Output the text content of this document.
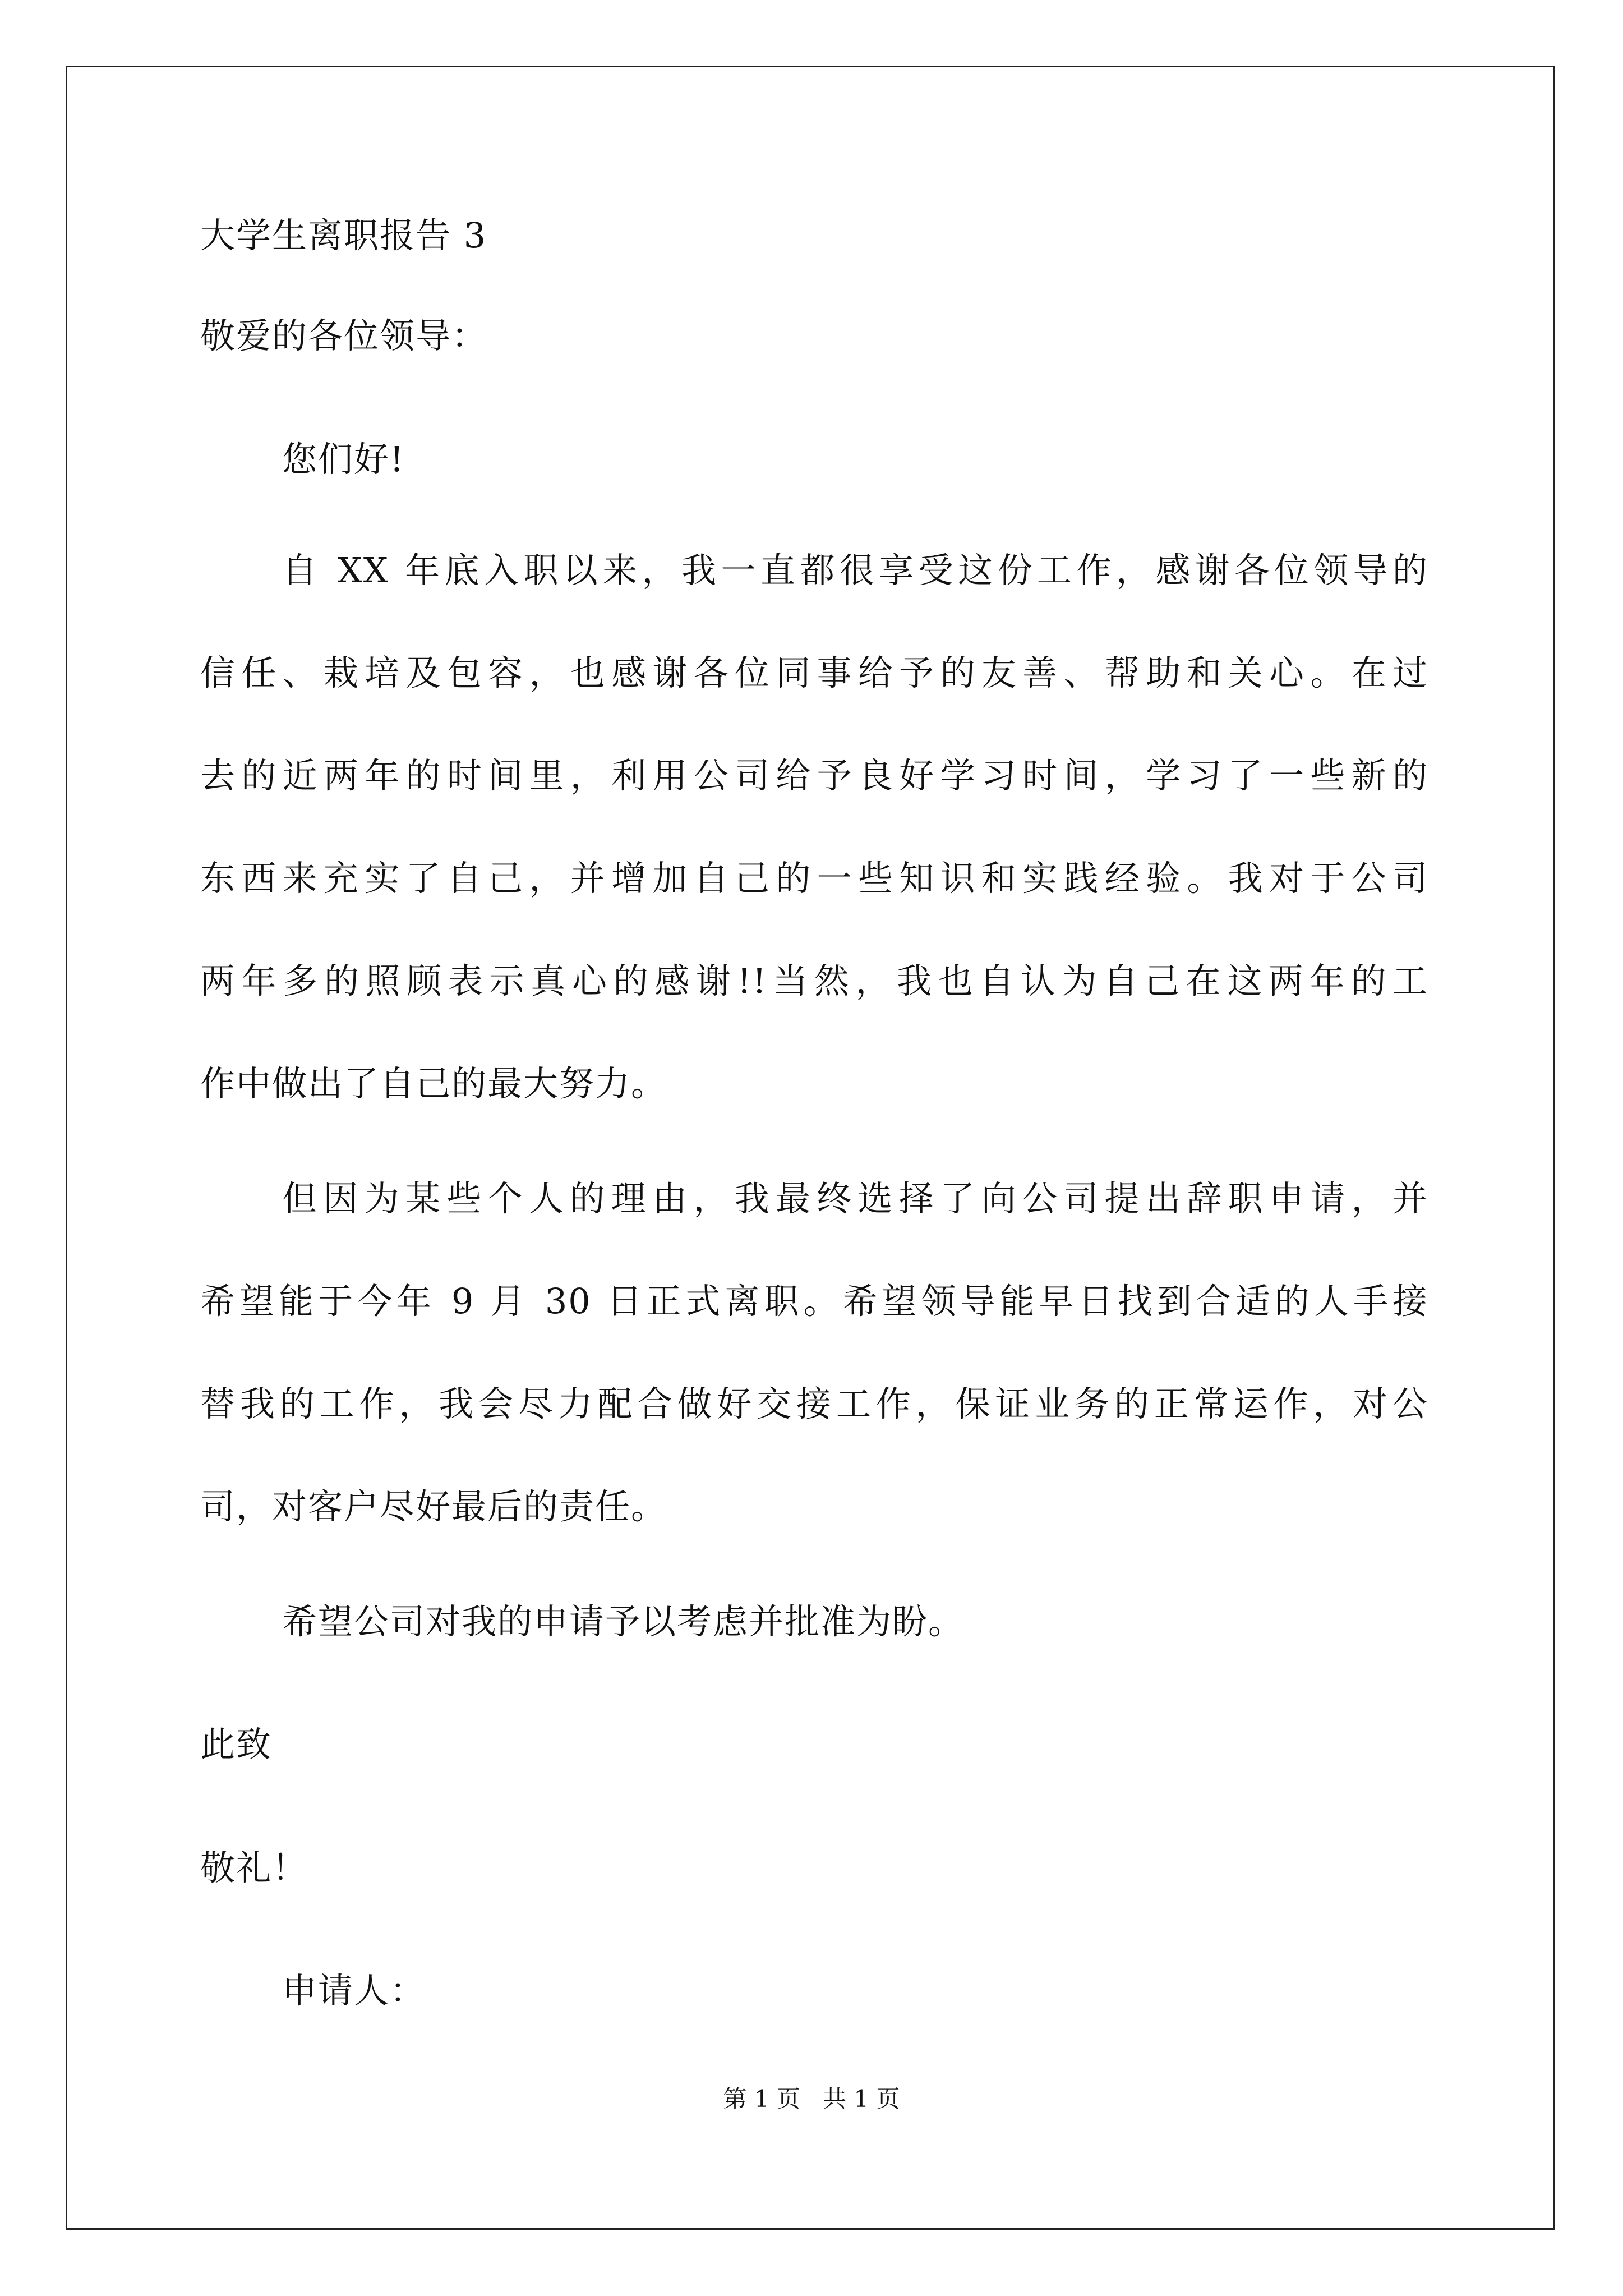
大学生离职报告 3
敬爱的各位领导：
您们好!
自 XX 年底入职以来，我一直都很享受这份工作，感谢各位领导的
信任、栽培及包容，也感谢各位同事给予的友善、帮助和关心。在过
去的近两年的时间里，利用公司给予良好学习时间，学习了一些新的
东西来充实了自己，并增加自己的一些知识和实践经验。我对于公司
两年多的照顾表示真心的感谢!!当然，我也自认为自己在这两年的工
作中做出了自己的最大努力。
但因为某些个人的理由，我最终选择了向公司提出辞职申请，并
希望能于今年 9 月 30 日正式离职。希望领导能早日找到合适的人手接
替我的工作，我会尽力配合做好交接工作，保证业务的正常运作，对公
司，对客户尽好最后的责任。
希望公司对我的申请予以考虑并批准为盼。
此致
敬礼！
申请人：
第 1 页   共 1 页
